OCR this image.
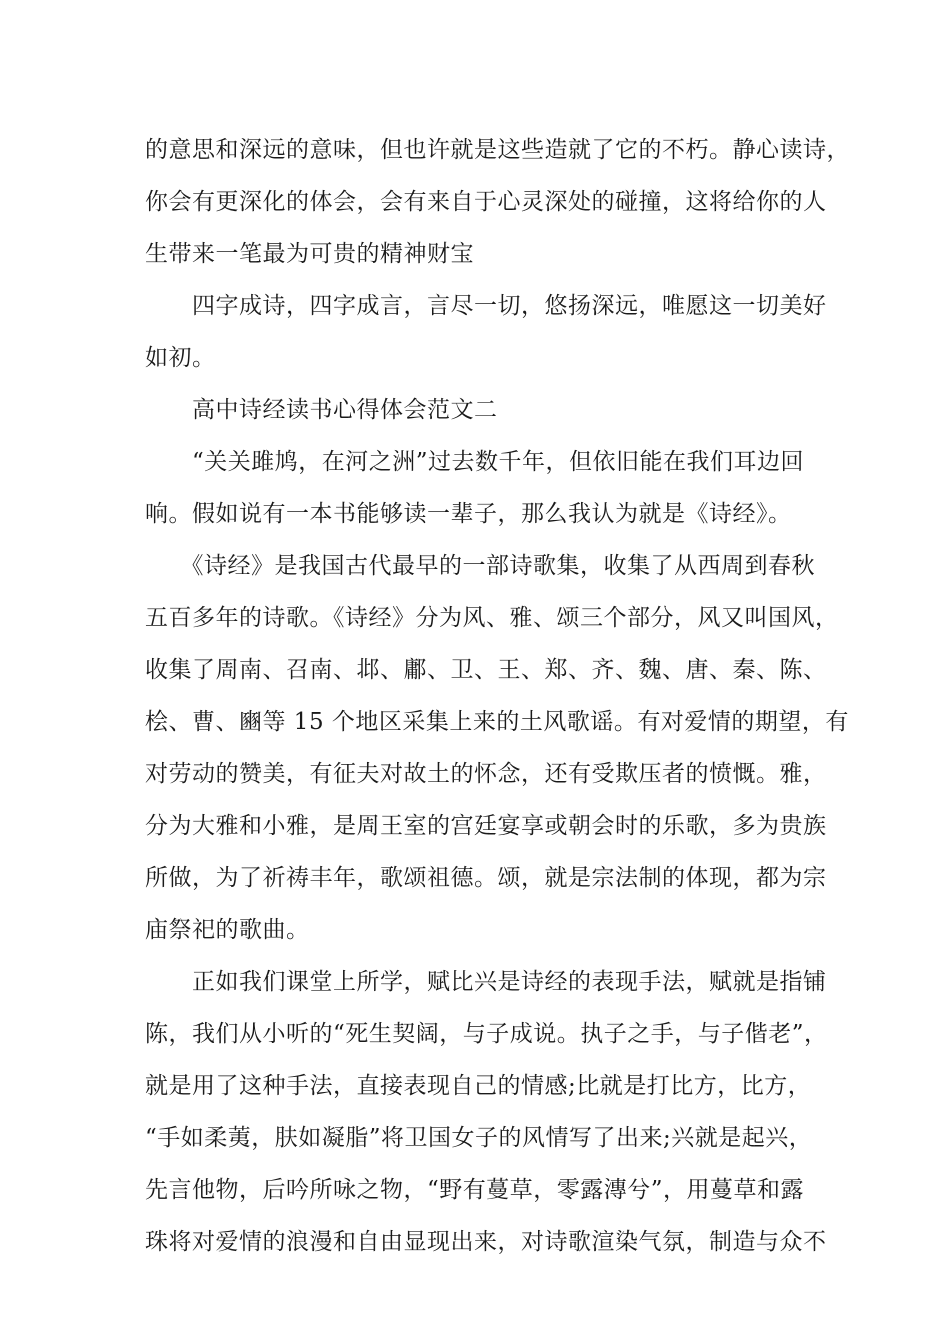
的意思和深远的意味，但也许就是这些造就了它的不朽。静心读诗，
你会有更深化的体会，会有来自于心灵深处的碰撞，这将给你的人
生带来一笔最为可贵的精神财宝
　　四字成诗，四字成言，言尽一切，悠扬深远，唯愿这一切美好
如初。
　　高中诗经读书心得体会范文二
　　“关关雎鸠，在河之洲”过去数千年，但依旧能在我们耳边回
响。假如说有一本书能够读一辈子，那么我认为就是《诗经》。
　　《诗经》是我国古代最早的一部诗歌集，收集了从西周到春秋
五百多年的诗歌。《诗经》分为风、雅、颂三个部分，风又叫国风，
收集了周南、召南、邶、鄘、卫、王、郑、齐、魏、唐、秦、陈、
桧、曹、豳等 15 个地区采集上来的土风歌谣。有对爱情的期望，有
对劳动的赞美，有征夫对故土的怀念，还有受欺压者的愤慨。雅，
分为大雅和小雅，是周王室的宫廷宴享或朝会时的乐歌，多为贵族
所做，为了祈祷丰年，歌颂祖德。颂，就是宗法制的体现，都为宗
庙祭祀的歌曲。
　　正如我们课堂上所学，赋比兴是诗经的表现手法，赋就是指铺
陈，我们从小听的“死生契阔，与子成说。执子之手，与子偕老”，
就是用了这种手法，直接表现自己的情感;比就是打比方，比方，
“手如柔荑，肤如凝脂”将卫国女子的风情写了出来;兴就是起兴，
先言他物，后吟所咏之物，“野有蔓草，零露漙兮”，用蔓草和露
珠将对爱情的浪漫和自由显现出来，对诗歌渲染气氛，制造与众不
